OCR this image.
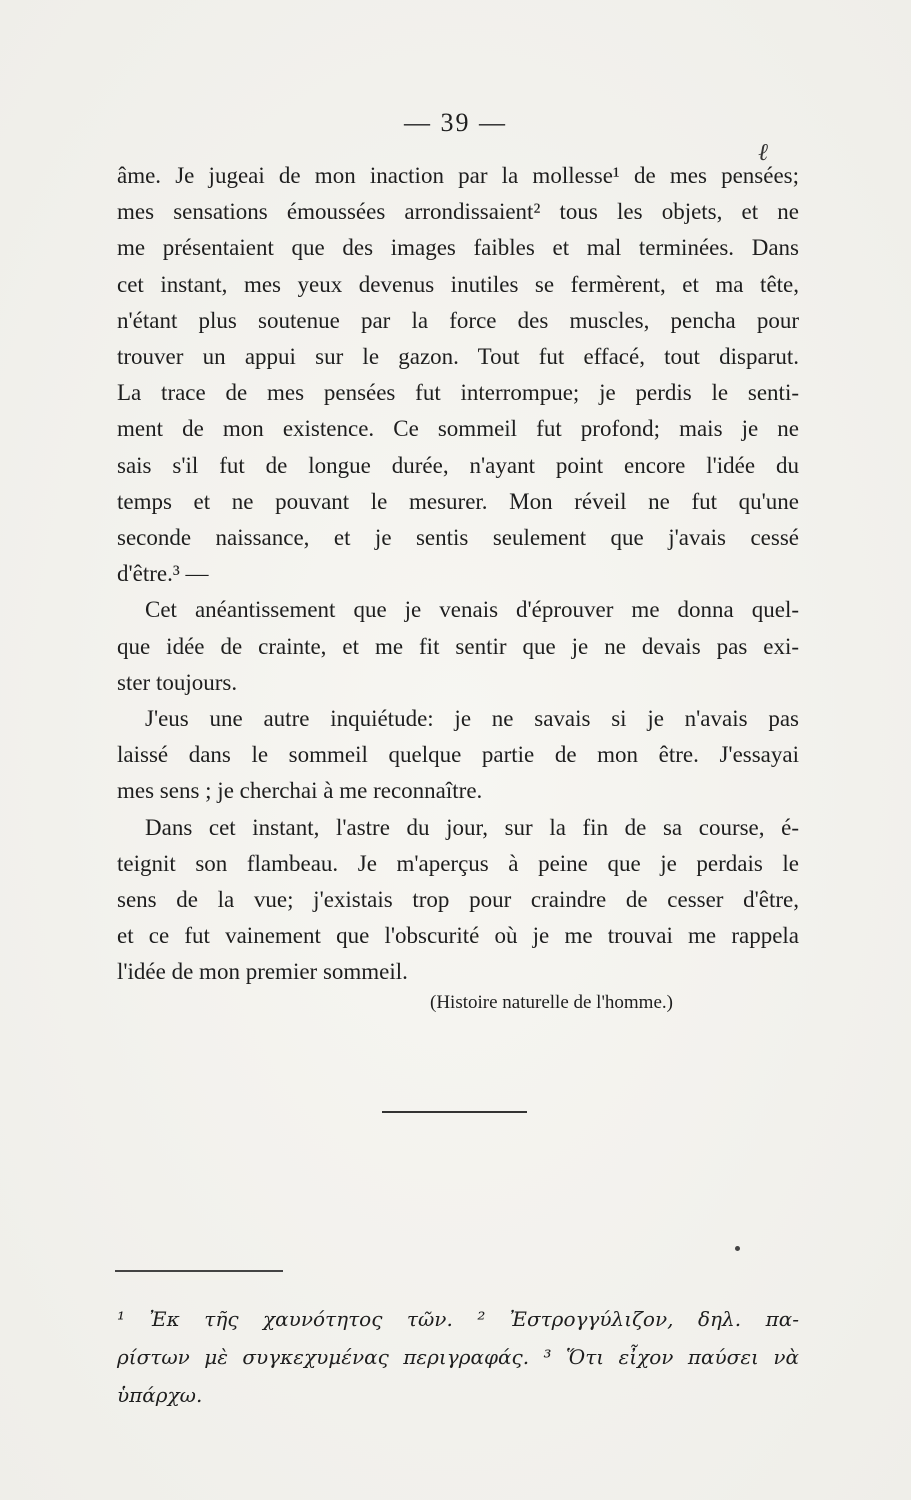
— 39 —
ℓ
âme. Je jugeai de mon inaction par la mollesse¹ de mes pensées;
mes sensations émoussées arrondissaient² tous les objets, et ne
me présentaient que des images faibles et mal terminées. Dans
cet instant, mes yeux devenus inutiles se fermèrent, et ma tête,
n'étant plus soutenue par la force des muscles, pencha pour
trouver un appui sur le gazon. Tout fut effacé, tout disparut.
La trace de mes pensées fut interrompue; je perdis le senti-
ment de mon existence. Ce sommeil fut profond; mais je ne
sais s'il fut de longue durée, n'ayant point encore l'idée du
temps et ne pouvant le mesurer. Mon réveil ne fut qu'une
seconde naissance, et je sentis seulement que j'avais cessé
d'être.³ —
Cet anéantissement que je venais d'éprouver me donna quel-
que idée de crainte, et me fit sentir que je ne devais pas exi-
ster toujours.
J'eus une autre inquiétude: je ne savais si je n'avais pas
laissé dans le sommeil quelque partie de mon être. J'essayai
mes sens ; je cherchai à me reconnaître.
Dans cet instant, l'astre du jour, sur la fin de sa course, é-
teignit son flambeau. Je m'aperçus à peine que je perdais le
sens de la vue; j'existais trop pour craindre de cesser d'être,
et ce fut vainement que l'obscurité où je me trouvai me rappela
l'idée de mon premier sommeil.
(Histoire naturelle de l'homme.)
¹ Ἐκ τῆς χαυνότητος τῶν. ² Ἐστρογγύλιζον, δηλ. πα-
ρίστων μὲ συγκεχυμένας περιγραφάς. ³ Ὅτι εἶχον παύσει νὰ
ὑπάρχω.
